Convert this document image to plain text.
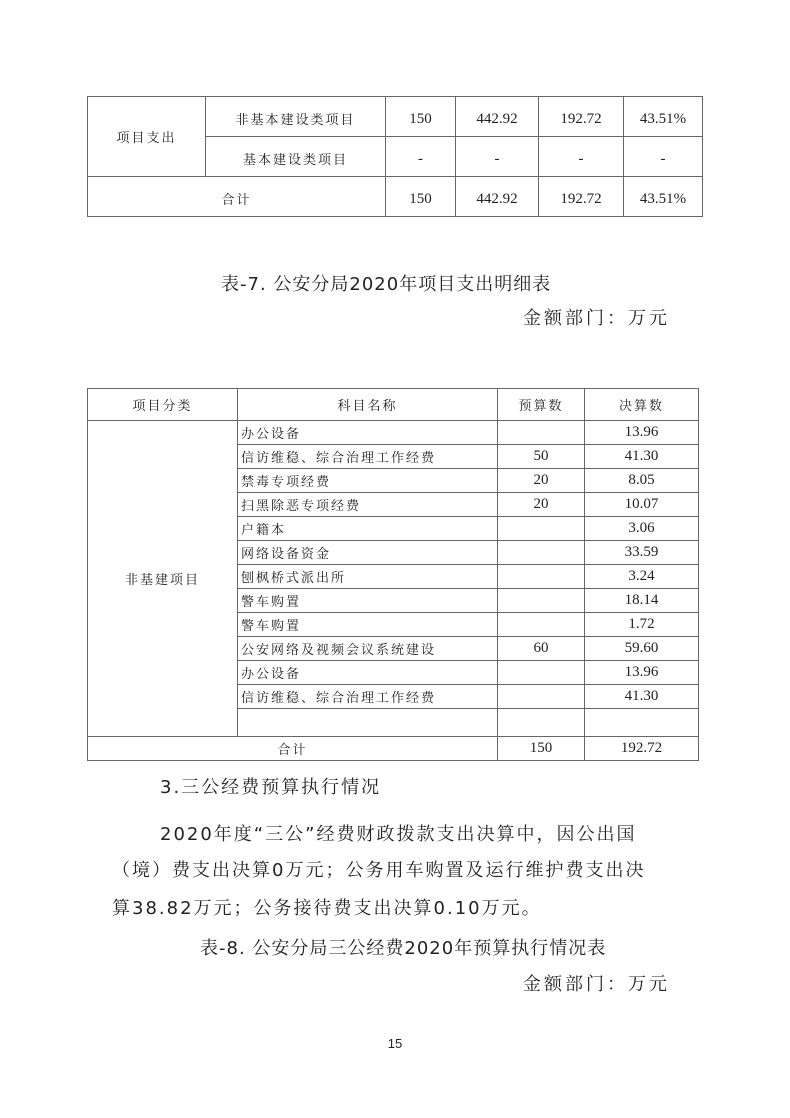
项目支出	非基本建设类项目	150	442.92	192.72	43.51%
	基本建设类项目	-	-	-	-
合计		150	442.92	192.72	43.51%
表-7. 公安分局2020年项目支出明细表
金额部门：万元
项目分类	科目名称	预算数	决算数
非基建项目	办公设备		13.96
	信访维稳、综合治理工作经费	50	41.30
	禁毒专项经费	20	8.05
	扫黑除恶专项经费	20	10.07
	户籍本		3.06
	网络设备资金		33.59
	刨枫桥式派出所		3.24
	警车购置		18.14
	警车购置		1.72
	公安网络及视频会议系统建设	60	59.60
	办公设备		13.96
	信访维稳、综合治理工作经费		41.30

合计		150	192.72
3.三公经费预算执行情况
2020年度“三公”经费财政拨款支出决算中，因公出国
（境）费支出决算0万元；公务用车购置及运行维护费支出决
算38.82万元；公务接待费支出决算0.10万元。
表-8. 公安分局三公经费2020年预算执行情况表
金额部门：万元
15
